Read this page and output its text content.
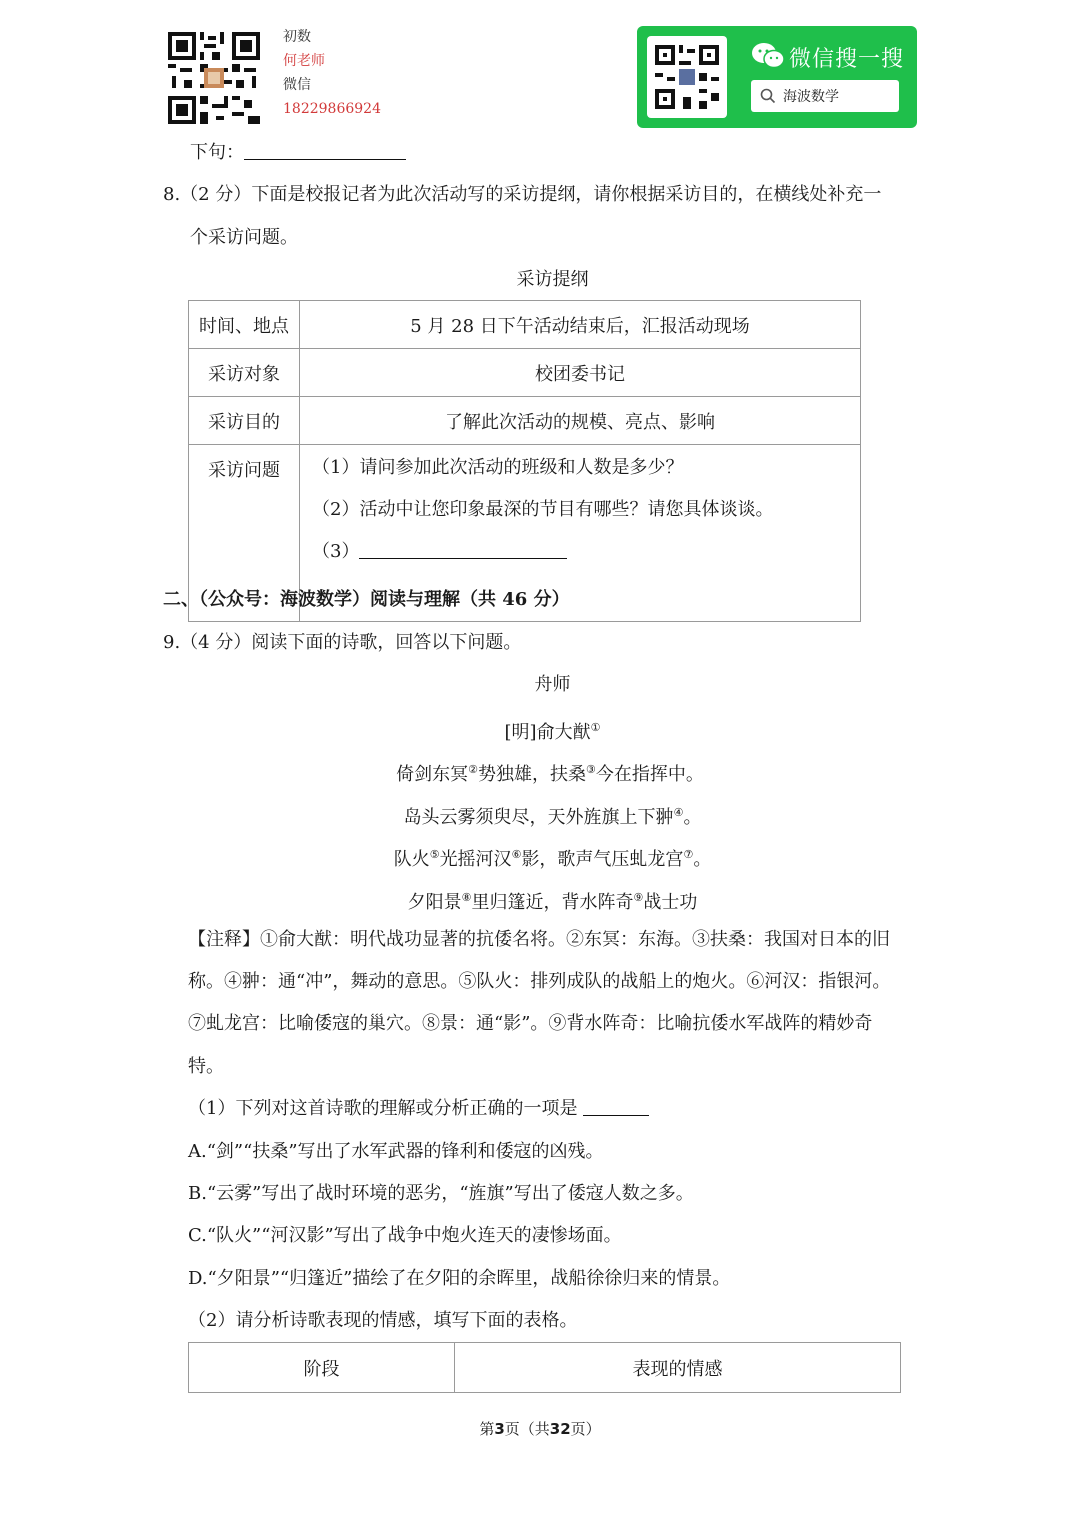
初数
何老师
微信
18229866924
微信搜一搜
海波数学
下句：
8.（2 分）下面是校报记者为此次活动写的采访提纲，请你根据采访目的，在横线处补充一
个采访问题。
采访提纲
时间、地点	5 月 28 日下午活动结束后，汇报活动现场
采访对象	校团委书记
采访目的	了解此次活动的规模、亮点、影响
采访问题	（1）请问参加此次活动的班级和人数是多少？
（2）活动中让您印象最深的节目有哪些？请您具体谈谈。
（3）
二、（公众号：海波数学）阅读与理解（共 46 分）
9.（4 分）阅读下面的诗歌，回答以下问题。
舟师
[明]俞大猷①
倚剑东冥②势独雄，扶桑③今在指挥中。
岛头云雾须臾尽，天外旌旗上下翀④。
队火⑤光摇河汉⑥影，歌声气压虬龙宫⑦。
夕阳景⑧里归篷近，背水阵奇⑨战士功
【注释】①俞大猷：明代战功显著的抗倭名将。②东冥：东海。③扶桑：我国对日本的旧
称。④翀：通“冲”，舞动的意思。⑤队火：排列成队的战船上的炮火。⑥河汉：指银河。
⑦虬龙宫：比喻倭寇的巢穴。⑧景：通“影”。⑨背水阵奇：比喻抗倭水军战阵的精妙奇
特。
（1）下列对这首诗歌的理解或分析正确的一项是
A.“剑”“扶桑”写出了水军武器的锋利和倭寇的凶残。
B.“云雾”写出了战时环境的恶劣，“旌旗”写出了倭寇人数之多。
C.“队火”“河汉影”写出了战争中炮火连天的凄惨场面。
D.“夕阳景”“归篷近”描绘了在夕阳的余晖里，战船徐徐归来的情景。
（2）请分析诗歌表现的情感，填写下面的表格。
阶段	表现的情感
第3页（共32页）
